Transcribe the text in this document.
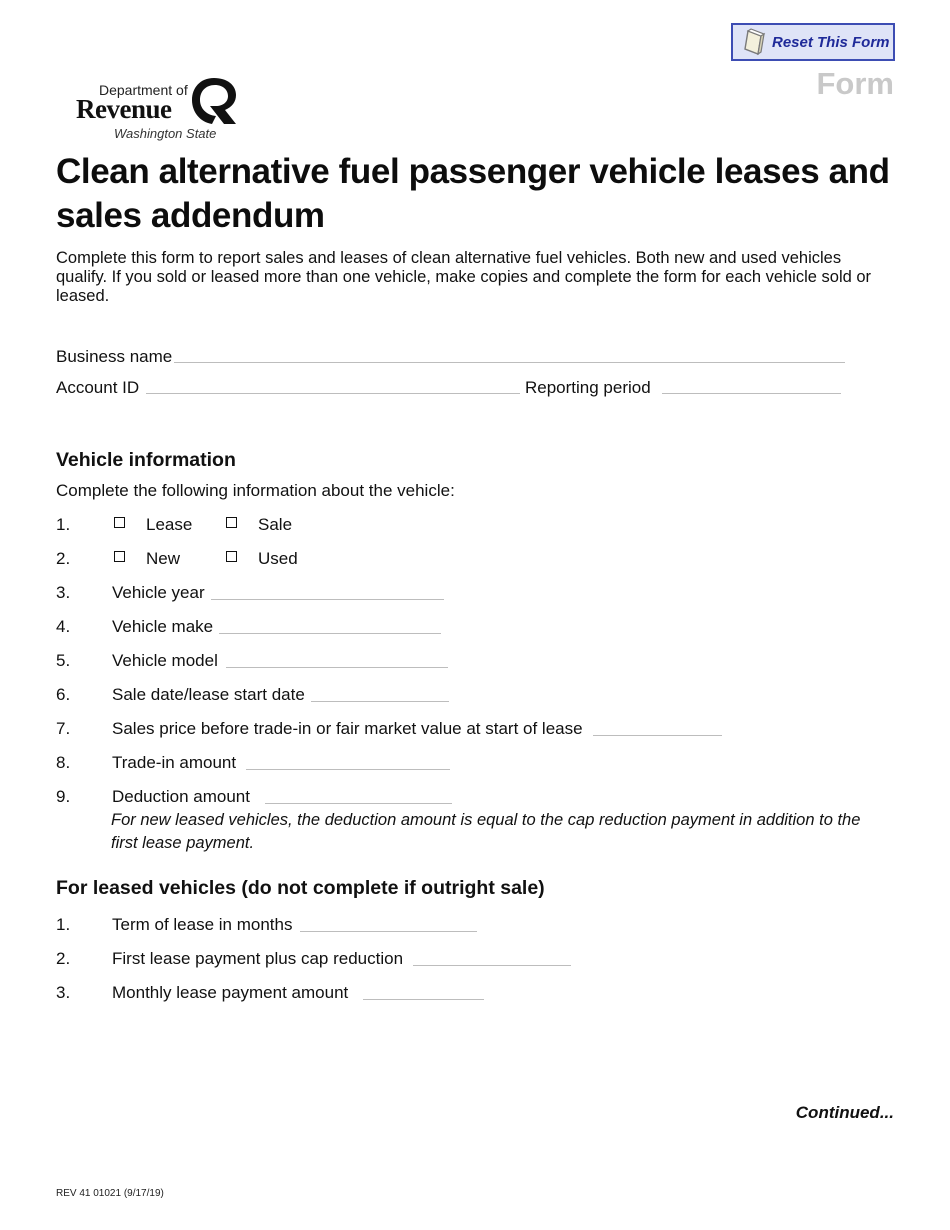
Reset This Form
Form
Department of
Revenue
Washington State
Clean alternative fuel passenger vehicle leases and sales addendum
Complete this form to report sales and leases of clean alternative fuel vehicles. Both new and used vehicles qualify. If you sold or leased more than one vehicle, make copies and complete the form for each vehicle sold or leased.
Business name
Account ID	Reporting period
Vehicle information
Complete the following information about the vehicle:
1.	Lease	Sale
2.	New	Used
3. Vehicle year
4. Vehicle make
5. Vehicle model
6. Sale date/lease start date
7. Sales price before trade-in or fair market value at start of lease
8. Trade-in amount
9. Deduction amount
For new leased vehicles, the deduction amount is equal to the cap reduction payment in addition to the first lease payment.
For leased vehicles (do not complete if outright sale)
1. Term of lease in months
2. First lease payment plus cap reduction
3. Monthly lease payment amount
Continued...
REV 41 01021 (9/17/19)
